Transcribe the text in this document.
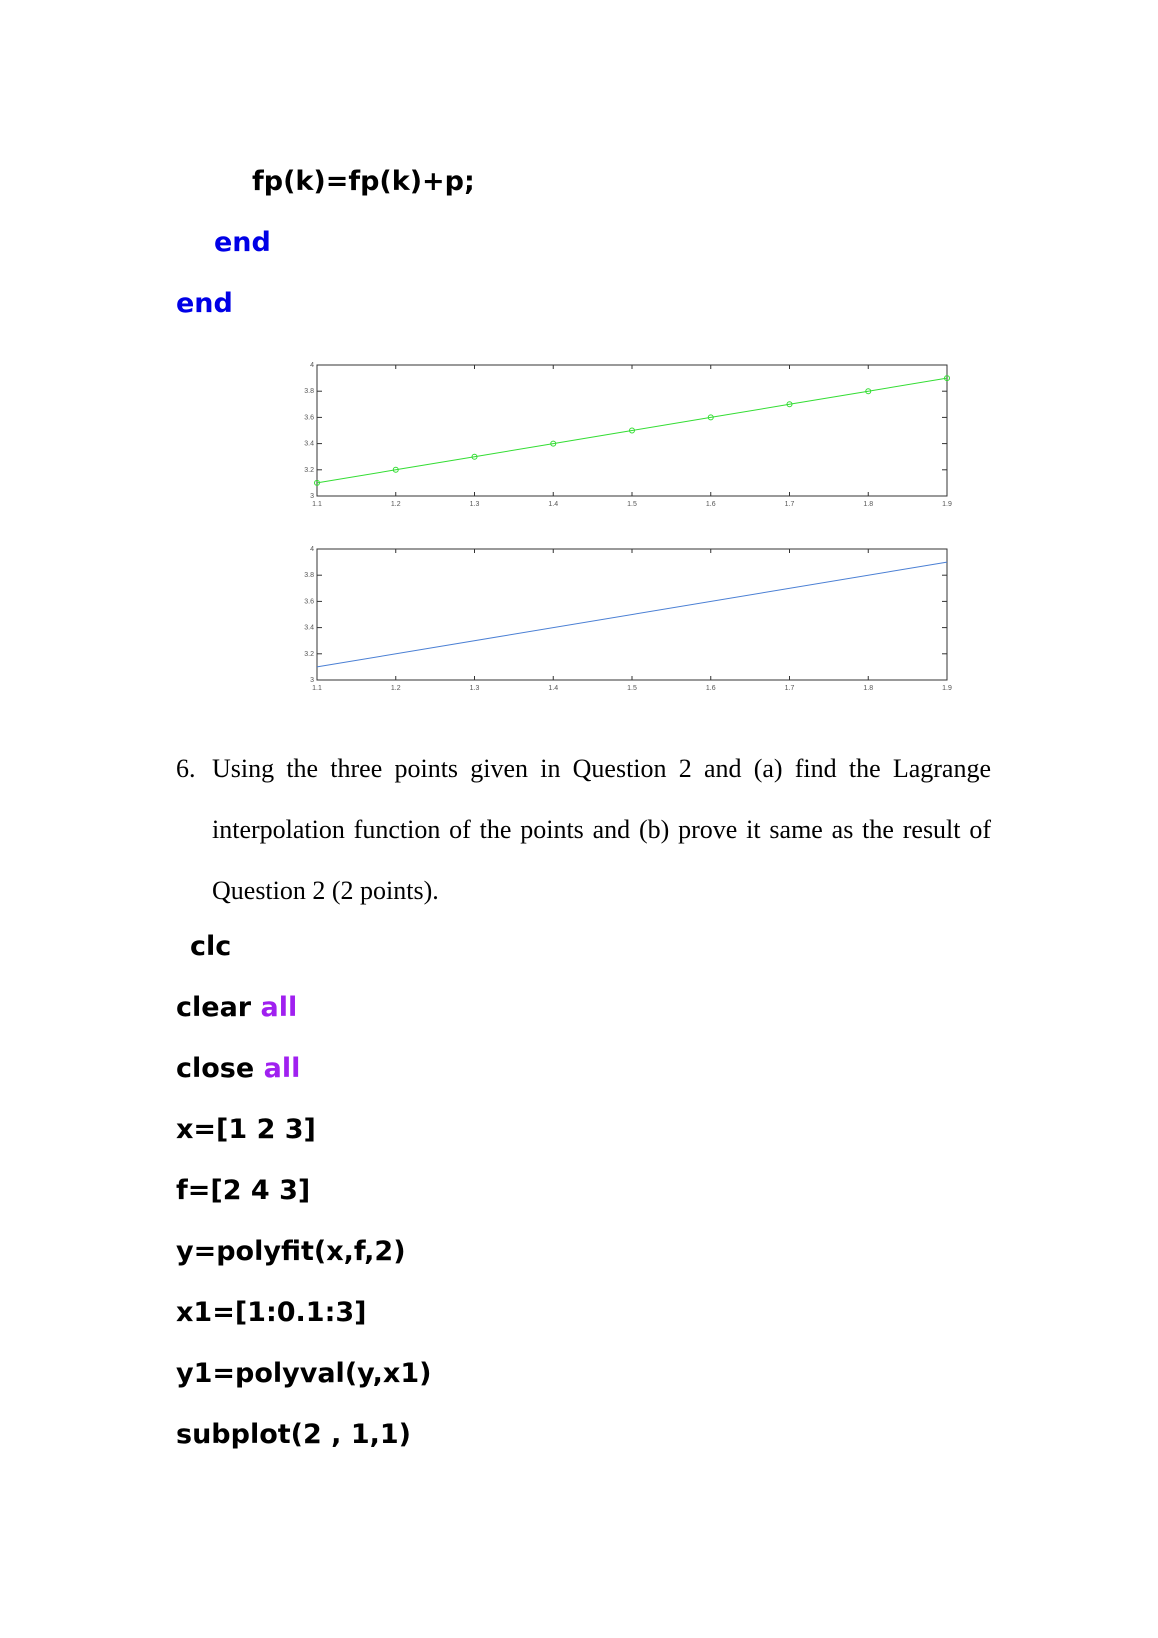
fp(k)=fp(k)+p;
end
end
1.1	1.2	1.3	1.4	1.5	1.6	1.7	1.8	1.9
3
3.2
3.4
3.6
3.8
4
1.1	1.2	1.3	1.4	1.5	1.6	1.7	1.8	1.9
3
3.2
3.4
3.6
3.8
4
6. Using the three points given in Question 2 and (a) find the Lagrange interpolation function of the points and (b) prove it same as the result of Question 2 (2 points).
clc
clear all
close all
x=[1 2 3]
f=[2 4 3]
y=polyfit(x,f,2)
x1=[1:0.1:3]
y1=polyval(y,x1)
subplot(2 , 1,1)
